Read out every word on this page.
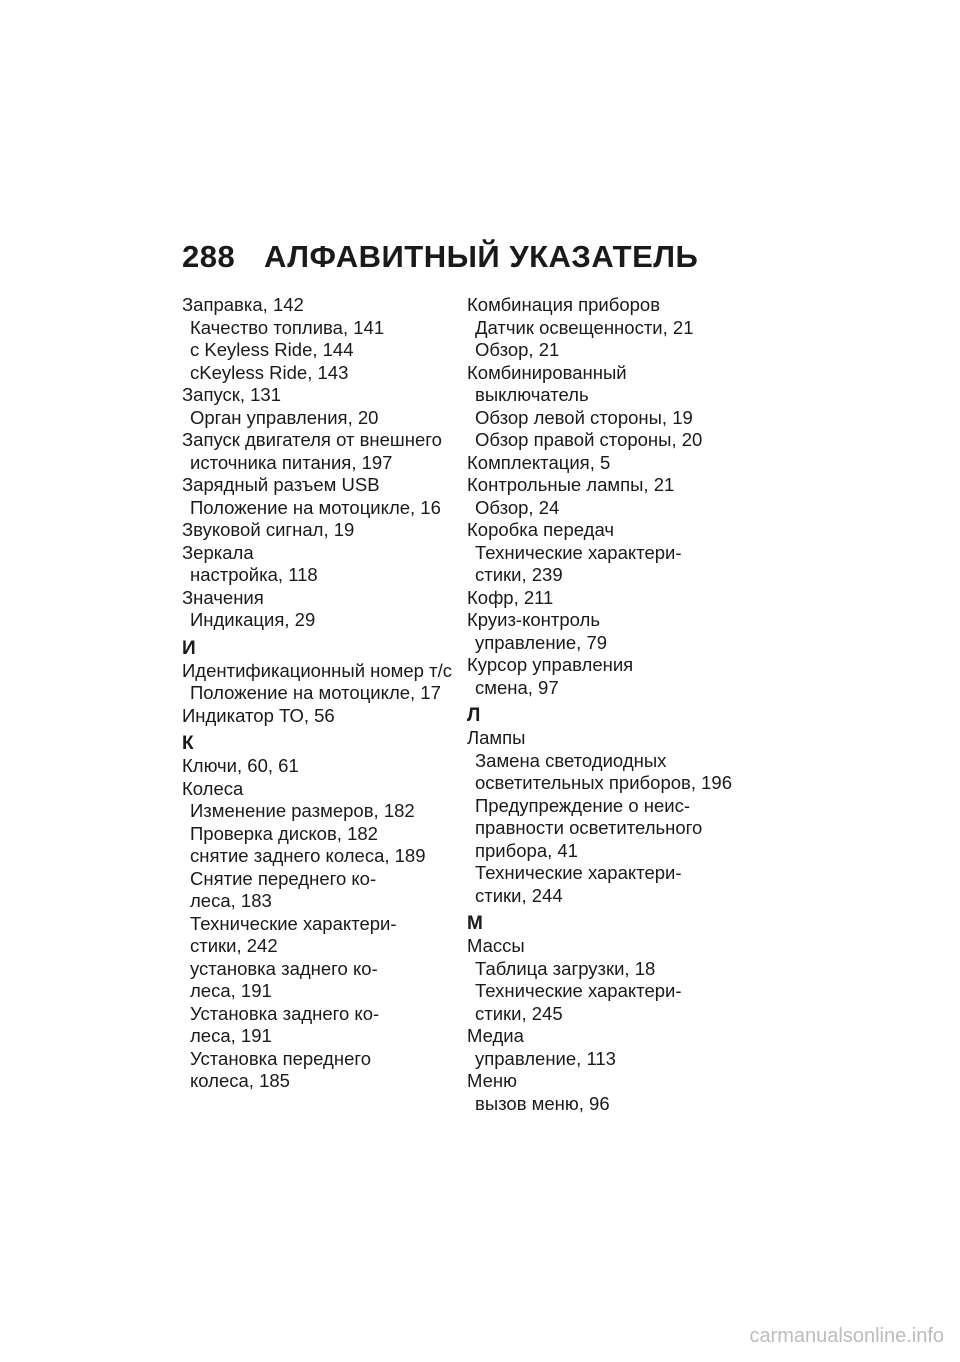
288 АЛФАВИТНЫЙ УКАЗАТЕЛЬ
Заправка, 142
Качество топлива, 141
с Keyless Ride, 144
cKeyless Ride, 143
Запуск, 131
Орган управления, 20
Запуск двигателя от внешнего
источника питания, 197
Зарядный разъем USB
Положение на мотоцикле, 16
Звуковой сигнал, 19
Зеркала
настройка, 118
Значения
Индикация, 29
И
Идентификационный номер т/с
Положение на мотоцикле, 17
Индикатор ТО, 56
К
Ключи, 60, 61
Колеса
Изменение размеров, 182
Проверка дисков, 182
снятие заднего колеса, 189
Снятие переднего ко-
леса, 183
Технические характери-
стики, 242
установка заднего ко-
леса, 191
Установка заднего ко-
леса, 191
Установка переднего
колеса, 185
Комбинация приборов
Датчик освещенности, 21
Обзор, 21
Комбинированный
выключатель
Обзор левой стороны, 19
Обзор правой стороны, 20
Комплектация, 5
Контрольные лампы, 21
Обзор, 24
Коробка передач
Технические характери-
стики, 239
Кофр, 211
Круиз-контроль
управление, 79
Курсор управления
смена, 97
Л
Лампы
Замена светодиодных
осветительных приборов, 196
Предупреждение о неис-
правности осветительного
прибора, 41
Технические характери-
стики, 244
М
Массы
Таблица загрузки, 18
Технические характери-
стики, 245
Медиа
управление, 113
Меню
вызов меню, 96
carmanualsonline.info
